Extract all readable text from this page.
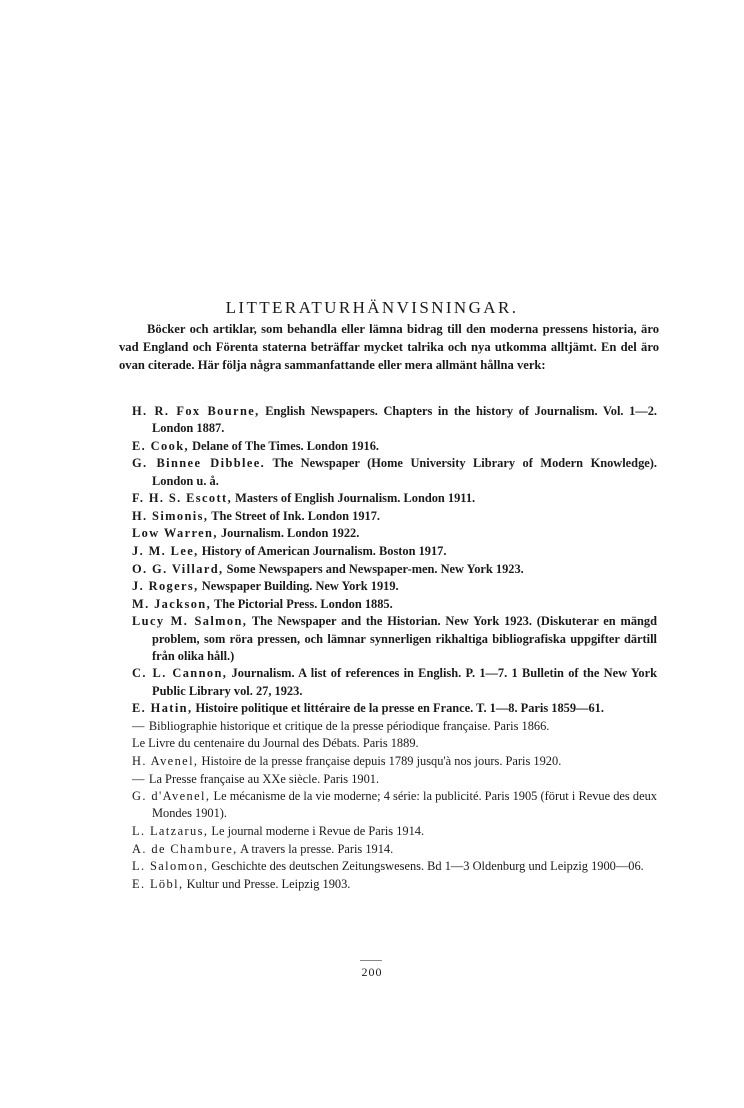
LITTERATURHÄNVISNINGAR.

Böcker och artiklar, som behandla eller lämna bidrag till den moderna pressens historia, äro vad England och Förenta staterna beträffar mycket talrika och nya utkomma alltjämt. En del äro ovan citerade. Här följa några sammanfattande eller mera allmänt hållna verk:

H. R. Fox Bourne, English Newspapers. Chapters in the history of Journalism. Vol. 1—2. London 1887.
E. Cook, Delane of The Times. London 1916.
G. Binnee Dibblee. The Newspaper (Home University Library of Modern Knowledge). London u. å.
F. H. S. Escott, Masters of English Journalism. London 1911.
H. Simonis, The Street of Ink. London 1917.
Low Warren, Journalism. London 1922.
J. M. Lee, History of American Journalism. Boston 1917.
O. G. Villard, Some Newspapers and Newspaper-men. New York 1923.
J. Rogers, Newspaper Building. New York 1919.
M. Jackson, The Pictorial Press. London 1885.
Lucy M. Salmon, The Newspaper and the Historian. New York 1923. (Diskuterar en mängd problem, som röra pressen, och lämnar synnerligen rikhaltiga bibliografiska uppgifter därtill från olika håll.)
C. L. Cannon, Journalism. A list of references in English. P. 1—7. 1 Bulletin of the New York Public Library vol. 27, 1923.
E. Hatin, Histoire politique et littéraire de la presse en France. T. 1—8. Paris 1859—61.
— Bibliographie historique et critique de la presse périodique française. Paris 1866.
Le Livre du centenaire du Journal des Débats. Paris 1889.
H. Avenel, Histoire de la presse française depuis 1789 jusqu'à nos jours. Paris 1920.
— La Presse française au XXe siècle. Paris 1901.
G. d'Avenel, Le mécanisme de la vie moderne; 4 série: la publicité. Paris 1905 (förut i Revue des deux Mondes 1901).
L. Latzarus, Le journal moderne i Revue de Paris 1914.
A. de Chambure, A travers la presse. Paris 1914.
L. Salomon, Geschichte des deutschen Zeitungswesens. Bd 1—3 Oldenburg und Leipzig 1900—06.
E. Löbl, Kultur und Presse. Leipzig 1903.
200
